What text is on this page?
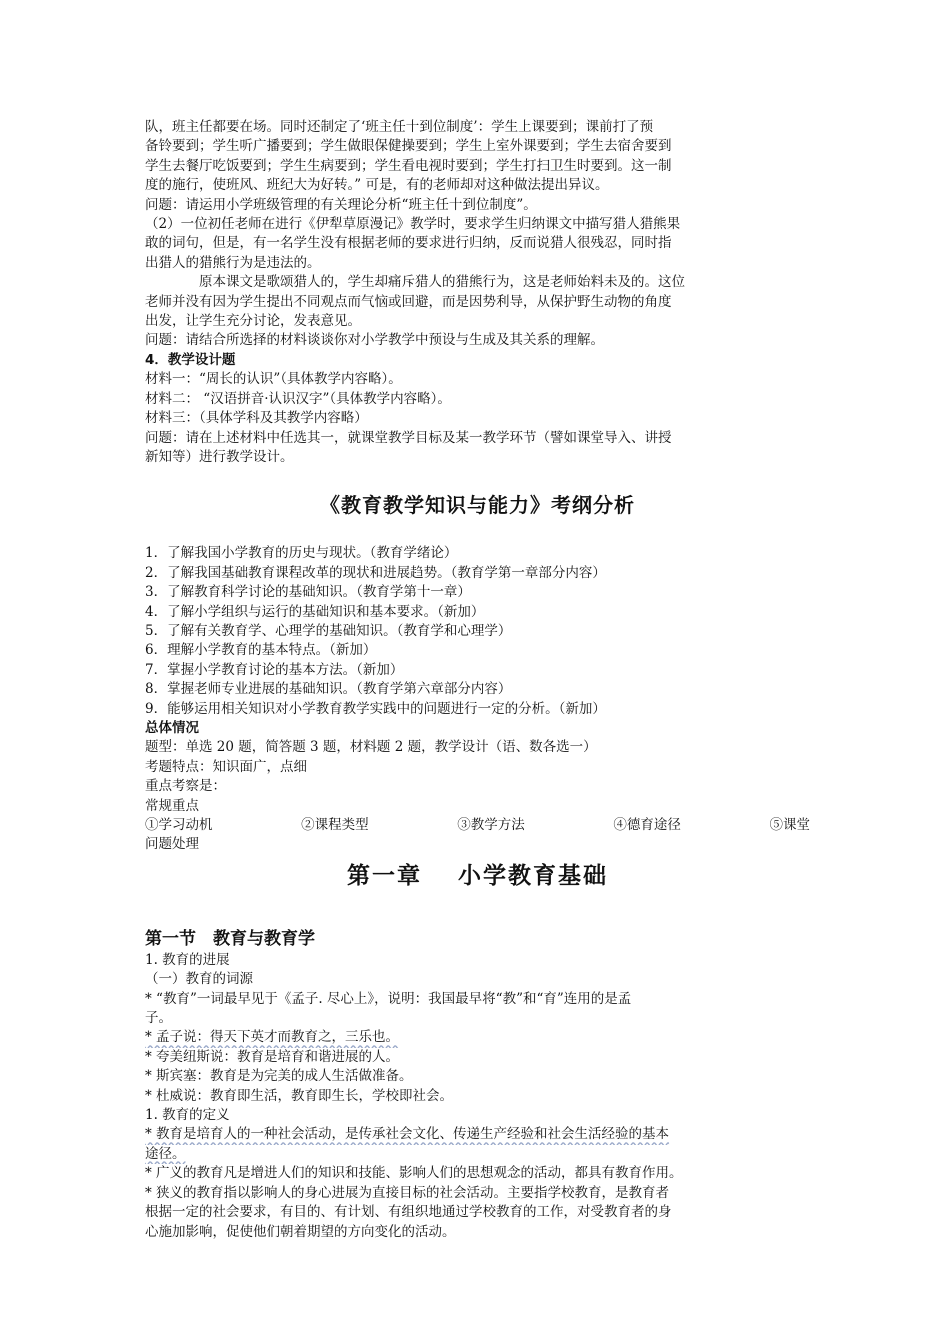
队，班主任都要在场。同时还制定了‘班主任十到位制度’：学生上课要到；课前打了预
备铃要到；学生听广播要到；学生做眼保健操要到；学生上室外课要到；学生去宿舍要到
学生去餐厅吃饭要到；学生生病要到；学生看电视时要到；学生打扫卫生时要到。这一制
度的施行，使班风、班纪大为好转。” 可是，有的老师却对这种做法提出异议。
问题：请运用小学班级管理的有关理论分析“班主任十到位制度”。
（2）一位初任老师在进行《伊犁草原漫记》教学时，要求学生归纳课文中描写猎人猎熊果
敢的词句，但是，有一名学生没有根据老师的要求进行归纳，反而说猎人很残忍，同时指
出猎人的猎熊行为是违法的。
原本课文是歌颂猎人的，学生却痛斥猎人的猎熊行为，这是老师始料未及的。这位
老师并没有因为学生提出不同观点而气恼或回避，而是因势利导，从保护野生动物的角度
出发，让学生充分讨论，发表意见。
问题：请结合所选择的材料谈谈你对小学教学中预设与生成及其关系的理解。
4．教学设计题
材料一：“周长的认识”（具体教学内容略）。
材料二： “汉语拼音·认识汉字”（具体教学内容略）。
材料三：（具体学科及其教学内容略）
问题：请在上述材料中任选其一，就课堂教学目标及某一教学环节（譬如课堂导入、讲授
新知等）进行教学设计。
《教育教学知识与能力》考纲分析
1．了解我国小学教育的历史与现状。（教育学绪论）
2．了解我国基础教育课程改革的现状和进展趋势。（教育学第一章部分内容）
3．了解教育科学讨论的基础知识。（教育学第十一章）
4．了解小学组织与运行的基础知识和基本要求。（新加）
5．了解有关教育学、心理学的基础知识。（教育学和心理学）
6．理解小学教育的基本特点。（新加）
7．掌握小学教育讨论的基本方法。（新加）
8．掌握老师专业进展的基础知识。（教育学第六章部分内容）
9．能够运用相关知识对小学教育教学实践中的问题进行一定的分析。（新加）
总体情况
题型：单选 20 题，简答题 3 题，材料题 2 题，教学设计（语、数各选一）
考题特点：知识面广，点细
重点考察是：
常规重点
①学习动机	②课程类型	③教学方法	④德育途径	⑤课堂
问题处理
第一章 小学教育基础
第一节　教育与教育学
1. 教育的进展
（一）教育的词源
* “教育”一词最早见于《孟子. 尽心上》，说明：我国最早将“教”和“育”连用的是孟
子。
* 孟子说：得天下英才而教育之，三乐也。
* 夸美纽斯说：教育是培育和谐进展的人。
* 斯宾塞：教育是为完美的成人生活做准备。
* 杜威说：教育即生活，教育即生长，学校即社会。
1. 教育的定义
* 教育是培育人的一种社会活动，是传承社会文化、传递生产经验和社会生活经验的基本
途径。
* 广义的教育凡是增进人们的知识和技能、影响人们的思想观念的活动，都具有教育作用。
* 狭义的教育指以影响人的身心进展为直接目标的社会活动。主要指学校教育，是教育者
根据一定的社会要求，有目的、有计划、有组织地通过学校教育的工作，对受教育者的身
心施加影响，促使他们朝着期望的方向变化的活动。
